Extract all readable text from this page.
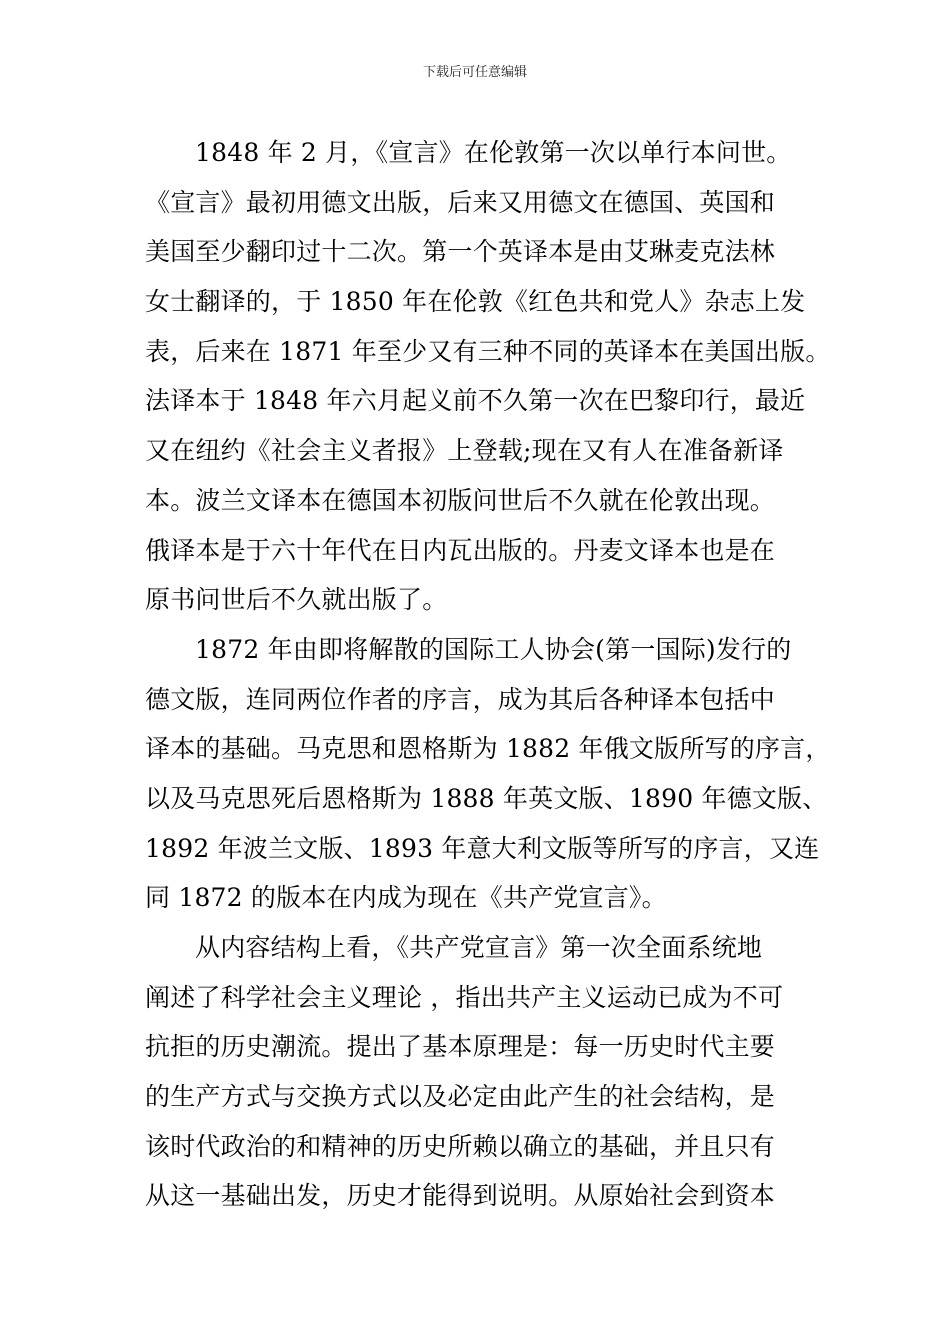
下载后可任意编辑
1848 年 2 月，《宣言》在伦敦第一次以单行本问世。
《宣言》最初用德文出版，后来又用德文在德国、英国和
美国至少翻印过十二次。第一个英译本是由艾琳麦克法林
女士翻译的，于 1850 年在伦敦《红色共和党人》杂志上发
表，后来在 1871 年至少又有三种不同的英译本在美国出版。
法译本于 1848 年六月起义前不久第一次在巴黎印行，最近
又在纽约《社会主义者报》上登载;现在又有人在准备新译
本。波兰文译本在德国本初版问世后不久就在伦敦出现。
俄译本是于六十年代在日内瓦出版的。丹麦文译本也是在
原书问世后不久就出版了。
1872 年由即将解散的国际工人协会(第一国际)发行的
德文版，连同两位作者的序言，成为其后各种译本包括中
译本的基础。马克思和恩格斯为 1882 年俄文版所写的序言，
以及马克思死后恩格斯为 1888 年英文版、1890 年德文版、
1892 年波兰文版、1893 年意大利文版等所写的序言，又连
同 1872 的版本在内成为现在《共产党宣言》。
从内容结构上看，《共产党宣言》第一次全面系统地
阐述了科学社会主义理论 ，指出共产主义运动已成为不可
抗拒的历史潮流。提出了基本原理是：每一历史时代主要
的生产方式与交换方式以及必定由此产生的社会结构，是
该时代政治的和精神的历史所赖以确立的基础，并且只有
从这一基础出发，历史才能得到说明。从原始社会到资本
